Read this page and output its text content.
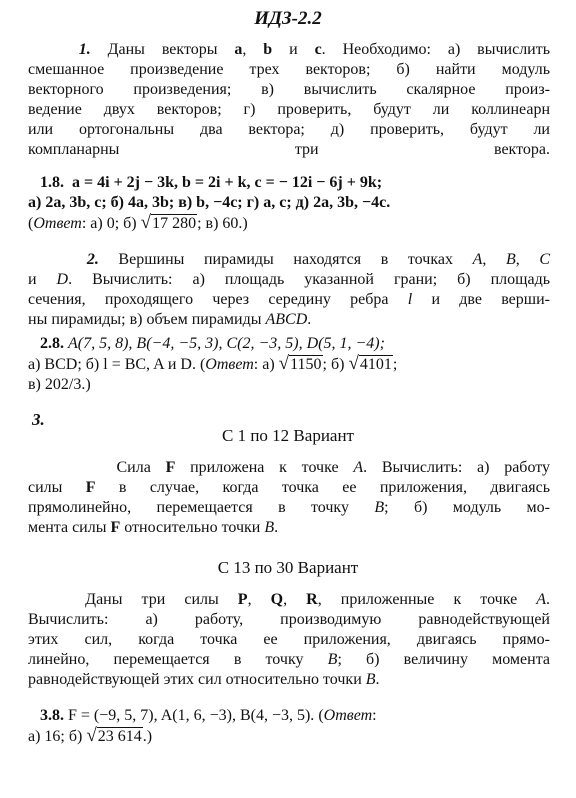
ИДЗ-2.2
1. Даны векторы a, b и c. Необходимо: а) вычислить
смешанное произведение трех векторов; б) найти модуль
векторного произведения; в) вычислить скалярное произ-
ведение двух векторов; г) проверить, будут ли коллинеарн
или ортогональны два вектора; д) проверить, будут ли
компланарны три вектора.
1.8. a = 4i + 2j − 3k, b = 2i + k, c = − 12i − 6j + 9k;
а) 2a, 3b, c; б) 4a, 3b; в) b, −4c; г) a, c; д) 2a, 3b, −4c.
(Ответ: а) 0; б) √17 280; в) 60.)
2. Вершины пирамиды находятся в точках A, B, C
и D. Вычислить: а) площадь указанной грани; б) площадь
сечения, проходящего через середину ребра l и две верши-
ны пирамиды; в) объем пирамиды ABCD.
2.8. A(7, 5, 8), B(−4, −5, 3), C(2, −3, 5), D(5, 1, −4);
а) BCD; б) l = BC, A и D. (Ответ: а) √1150; б) √4101;
в) 202/3.)
3.
С 1 по 12 Вариант
Сила F приложена к точке A. Вычислить: а) работу
силы F в случае, когда точка ее приложения, двигаясь
прямолинейно, перемещается в точку B; б) модуль мо-
мента силы F относительно точки B.
С 13 по 30 Вариант
Даны три силы P, Q, R, приложенные к точке A.
Вычислить: а) работу, производимую равнодействующей
этих сил, когда точка ее приложения, двигаясь прямо-
линейно, перемещается в точку B; б) величину момента
равнодействующей этих сил относительно точки B.
3.8. F = (−9, 5, 7), A(1, 6, −3), B(4, −3, 5). (Ответ:
а) 16; б) √23 614.)
